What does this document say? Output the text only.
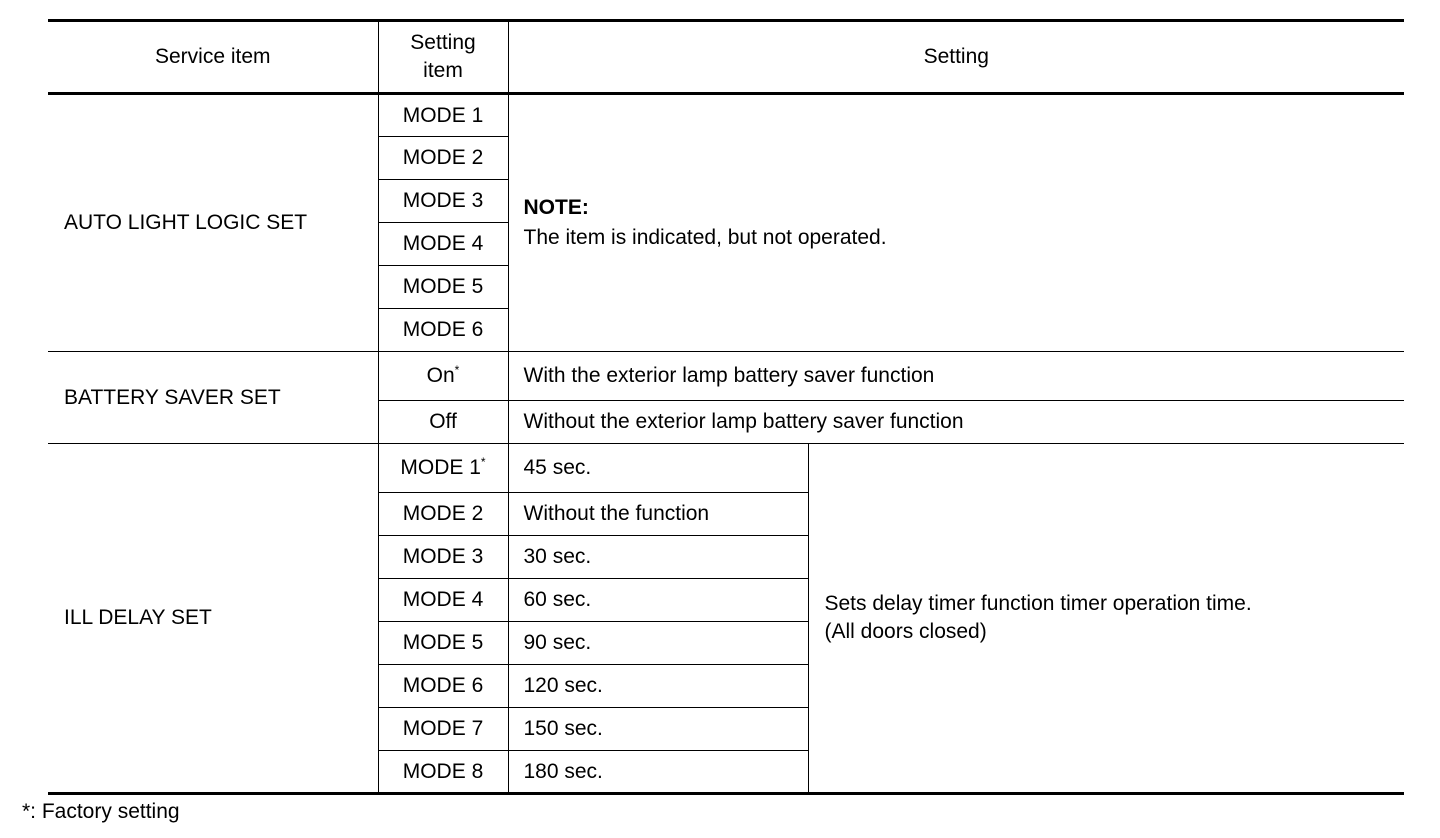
Service item	Setting item	Setting	
AUTO LIGHT LOGIC SET	MODE 1	NOTE:
The item is indicated, but not operated.	
	MODE 2		
	MODE 3		
	MODE 4		
	MODE 5		
	MODE 6		
BATTERY SAVER SET	On*	With the exterior lamp battery saver function	
	Off	Without the exterior lamp battery saver function	
ILL DELAY SET	MODE 1*	45 sec.	Sets delay timer function timer operation time.
(All doors closed)

	MODE 2	Without the function	
	MODE 3	30 sec.	
	MODE 4	60 sec.	
	MODE 5	90 sec.	
	MODE 6	120 sec.	
	MODE 7	150 sec.	
	MODE 8	180 sec.	
*: Factory setting
